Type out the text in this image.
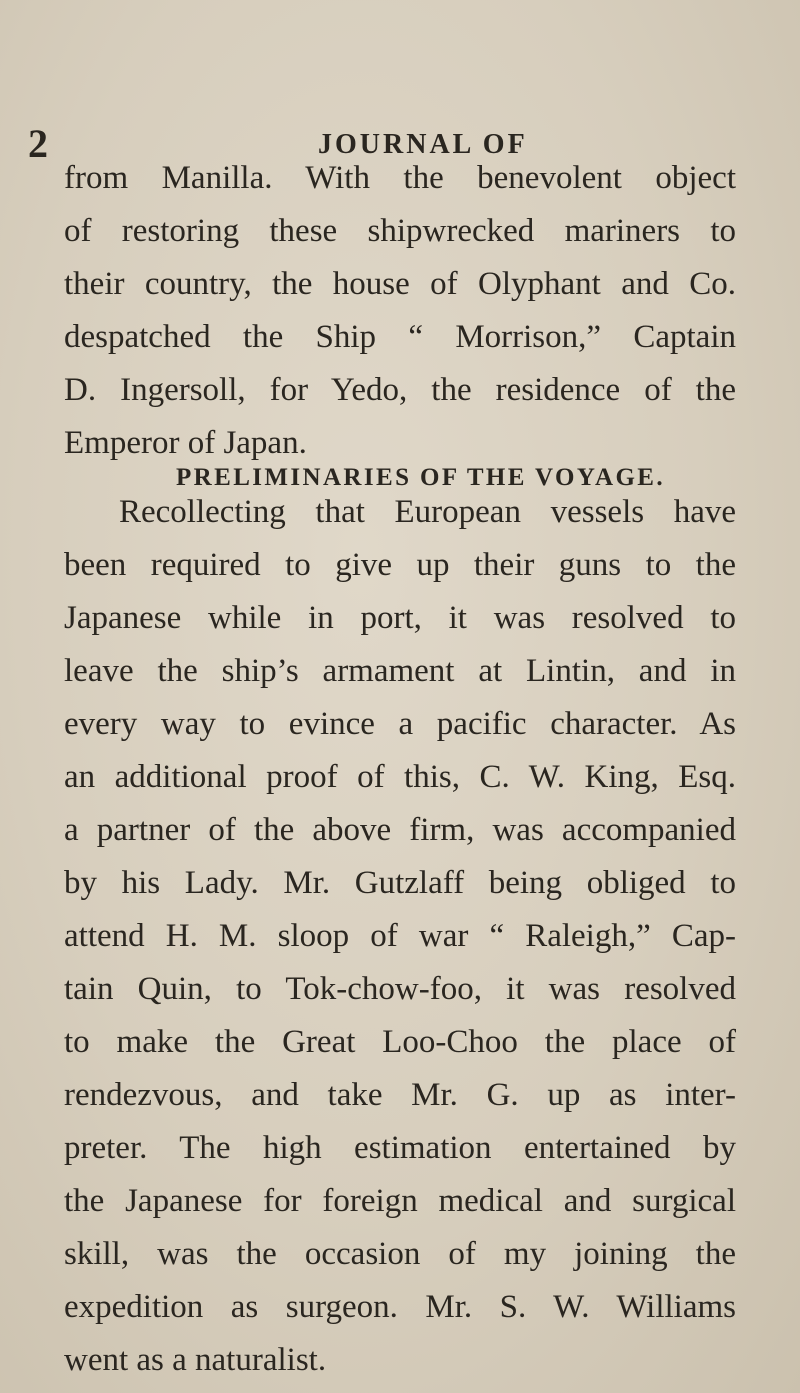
2	JOURNAL OF

from Manilla. With the benevolent object
of restoring these shipwrecked mariners to
their country, the house of Olyphant and Co.
despatched the Ship “ Morrison,” Captain
D. Ingersoll, for Yedo, the residence of the
Emperor of Japan.

PRELIMINARIES OF THE VOYAGE.

Recollecting that European vessels have
been required to give up their guns to the
Japanese while in port, it was resolved to
leave the ship’s armament at Lintin, and in
every way to evince a pacific character. As
an additional proof of this, C. W. King, Esq.
a partner of the above firm, was accompanied
by his Lady. Mr. Gutzlaff being obliged to
attend H. M. sloop of war “ Raleigh,” Cap-
tain Quin, to Tok-chow-foo, it was resolved
to make the Great Loo-Choo the place of
rendezvous, and take Mr. G. up as inter-
preter. The high estimation entertained by
the Japanese for foreign medical and surgical
skill, was the occasion of my joining the
expedition as surgeon. Mr. S. W. Williams
went as a naturalist.
